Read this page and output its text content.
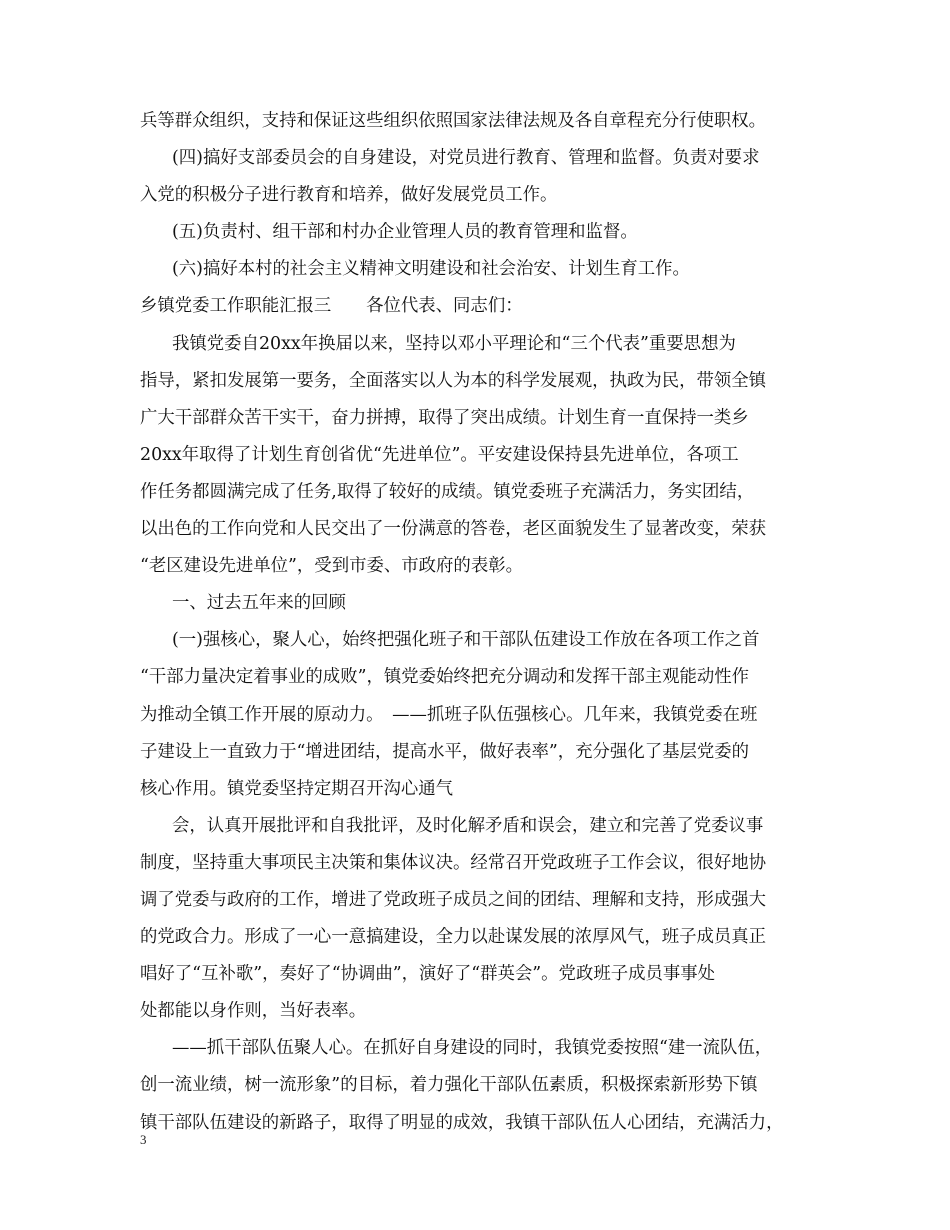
兵等群众组织，支持和保证这些组织依照国家法律法规及各自章程充分行使职权。
(四)搞好支部委员会的自身建设，对党员进行教育、管理和监督。负责对要求
入党的积极分子进行教育和培养，做好发展党员工作。
(五)负责村、组干部和村办企业管理人员的教育管理和监督。
(六)搞好本村的社会主义精神文明建设和社会治安、计划生育工作。
乡镇党委工作职能汇报三　　各位代表、同志们：
我镇党委自20xx年换届以来，坚持以邓小平理论和“三个代表”重要思想为
指导，紧扣发展第一要务，全面落实以人为本的科学发展观，执政为民，带领全镇
广大干部群众苦干实干，奋力拼搏，取得了突出成绩。计划生育一直保持一类乡
20xx年取得了计划生育创省优“先进单位”。平安建设保持县先进单位，各项工
作任务都圆满完成了任务,取得了较好的成绩。镇党委班子充满活力，务实团结，
以出色的工作向党和人民交出了一份满意的答卷，老区面貌发生了显著改变，荣获
“老区建设先进单位”，受到市委、市政府的表彰。
一、过去五年来的回顾
(一)强核心，聚人心，始终把强化班子和干部队伍建设工作放在各项工作之首
“干部力量决定着事业的成败”，镇党委始终把充分调动和发挥干部主观能动性作
为推动全镇工作开展的原动力。　——抓班子队伍强核心。几年来，我镇党委在班
子建设上一直致力于“增进团结，提高水平，做好表率”，充分强化了基层党委的
核心作用。镇党委坚持定期召开沟心通气
会，认真开展批评和自我批评，及时化解矛盾和误会，建立和完善了党委议事
制度，坚持重大事项民主决策和集体议决。经常召开党政班子工作会议，很好地协
调了党委与政府的工作，增进了党政班子成员之间的团结、理解和支持，形成强大
的党政合力。形成了一心一意搞建设，全力以赴谋发展的浓厚风气，班子成员真正
唱好了“互补歌”，奏好了“协调曲”，演好了“群英会”。党政班子成员事事处
处都能以身作则，当好表率。
——抓干部队伍聚人心。在抓好自身建设的同时，我镇党委按照“建一流队伍，
创一流业绩，树一流形象”的目标，着力强化干部队伍素质，积极探索新形势下镇
镇干部队伍建设的新路子，取得了明显的成效，我镇干部队伍人心团结，充满活力，
3
